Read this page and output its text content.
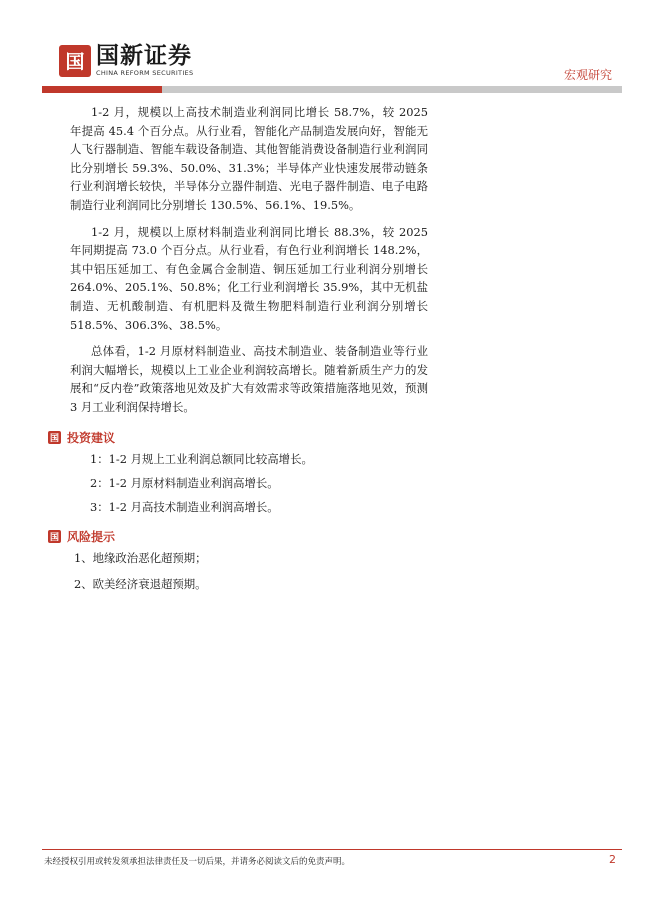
国 国新证券
CHINA REFORM SECURITIES	宏观研究

1-2 月，规模以上高技术制造业利润同比增长 58.7%，较 2025 年提高 45.4 个百分点。从行业看，智能化产品制造发展向好，智能无人飞行器制造、智能车载设备制造、其他智能消费设备制造行业利润同比分别增长 59.3%、50.0%、31.3%；半导体产业快速发展带动链条行业利润增长较快，半导体分立器件制造、光电子器件制造、电子电路制造行业利润同比分别增长 130.5%、56.1%、19.5%。

1-2 月，规模以上原材料制造业利润同比增长 88.3%，较 2025 年同期提高 73.0 个百分点。从行业看，有色行业利润增长 148.2%，其中铝压延加工、有色金属合金制造、铜压延加工行业利润分别增长 264.0%、205.1%、50.8%；化工行业利润增长 35.9%，其中无机盐制造、无机酸制造、有机肥料及微生物肥料制造行业利润分别增长 518.5%、306.3%、38.5%。

总体看，1-2 月原材料制造业、高技术制造业、装备制造业等行业利润大幅增长，规模以上工业企业利润较高增长。随着新质生产力的发展和“反内卷”政策落地见效及扩大有效需求等政策措施落地见效，预测 3 月工业利润保持增长。

国 投资建议
1：1-2 月规上工业利润总额同比较高增长。
2：1-2 月原材料制造业利润高增长。
3：1-2 月高技术制造业利润高增长。
国 风险提示
1、地缘政治恶化超预期；
2、欧美经济衰退超预期。
未经授权引用或转发须承担法律责任及一切后果，并请务必阅读文后的免责声明。	2
